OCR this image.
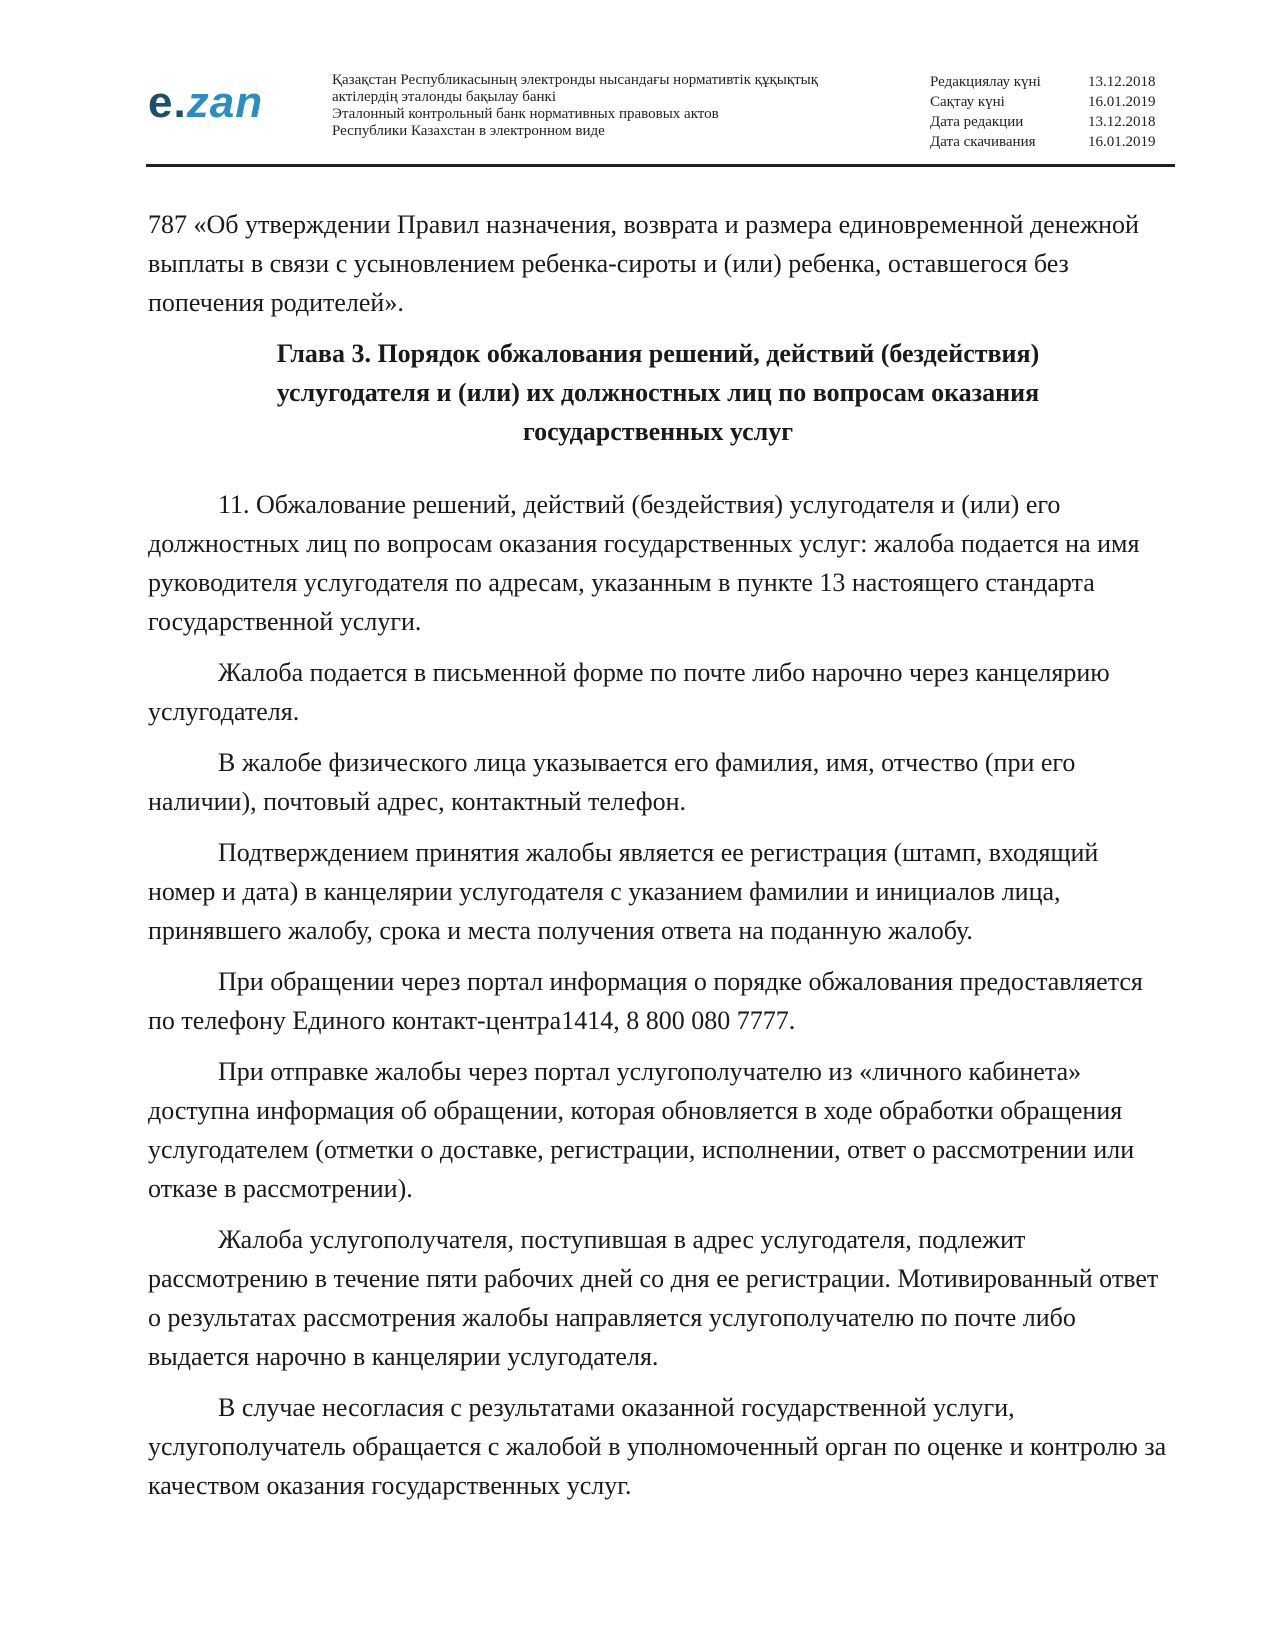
e.zan	Қазақстан Республикасының электронды нысандағы нормативтік құқықтық
актілердің эталонды бақылау банкі
Эталонный контрольный банк нормативных правовых актов
Республики Казахстан в электронном виде
Редакциялау күні	13.12.2018
Сақтау күні	16.01.2019
Дата редакции	13.12.2018
Дата скачивания	16.01.2019

787 «Об утверждении Правил назначения, возврата и размера единовременной денежной выплаты в связи с усыновлением ребенка-сироты и (или) ребенка, оставшегося без попечения родителей».

Глава 3. Порядок обжалования решений, действий (бездействия) услугодателя и (или) их должностных лиц по вопросам оказания государственных услуг

11. Обжалование решений, действий (бездействия) услугодателя и (или) его должностных лиц по вопросам оказания государственных услуг: жалоба подается на имя руководителя услугодателя по адресам, указанным в пункте 13 настоящего стандарта государственной услуги.

Жалоба подается в письменной форме по почте либо нарочно через канцелярию услугодателя.

В жалобе физического лица указывается его фамилия, имя, отчество (при его наличии), почтовый адрес, контактный телефон.

Подтверждением принятия жалобы является ее регистрация (штамп, входящий номер и дата) в канцелярии услугодателя с указанием фамилии и инициалов лица, принявшего жалобу, срока и места получения ответа на поданную жалобу.

При обращении через портал информация о порядке обжалования предоставляется по телефону Единого контакт-центра1414, 8 800 080 7777.

При отправке жалобы через портал услугополучателю из «личного кабинета» доступна информация об обращении, которая обновляется в ходе обработки обращения услугодателем (отметки о доставке, регистрации, исполнении, ответ о рассмотрении или отказе в рассмотрении).

Жалоба услугополучателя, поступившая в адрес услугодателя, подлежит рассмотрению в течение пяти рабочих дней со дня ее регистрации. Мотивированный ответ о результатах рассмотрения жалобы направляется услугополучателю по почте либо выдается нарочно в канцелярии услугодателя.

В случае несогласия с результатами оказанной государственной услуги, услугополучатель обращается с жалобой в уполномоченный орган по оценке и контролю за качеством оказания государственных услуг.
